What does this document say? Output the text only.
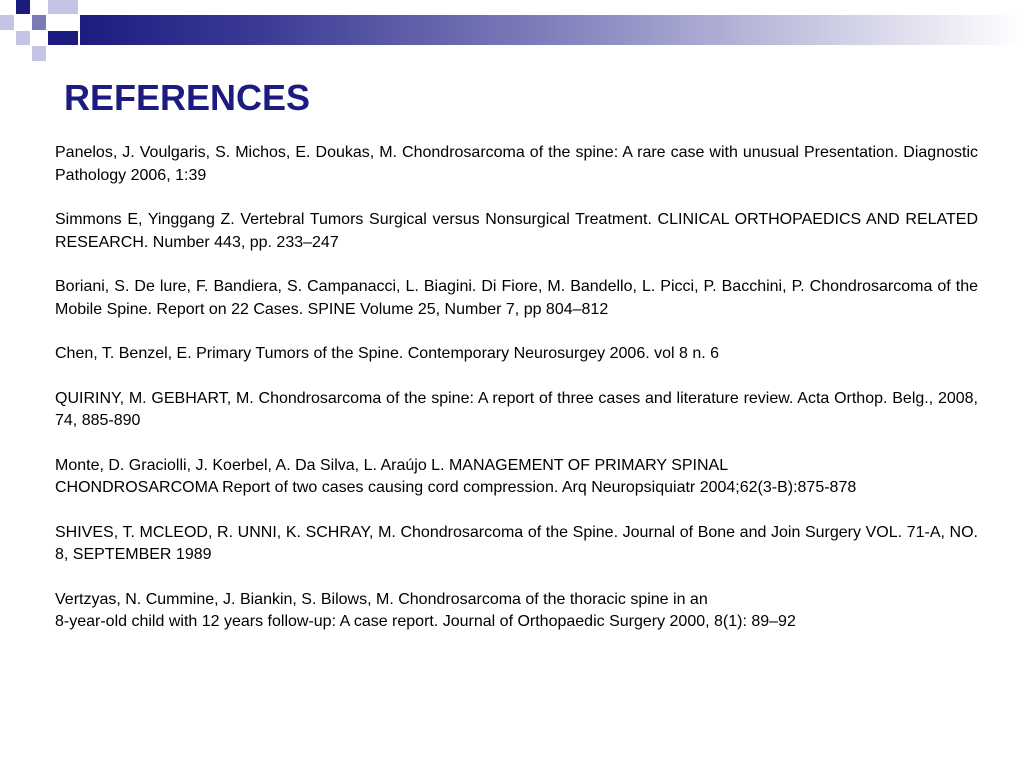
REFERENCES
Panelos, J. Voulgaris, S. Michos, E. Doukas, M. Chondrosarcoma of the spine: A rare case with unusual Presentation. Diagnostic Pathology 2006, 1:39
Simmons E, Yinggang Z. Vertebral Tumors Surgical versus Nonsurgical Treatment. CLINICAL ORTHOPAEDICS AND RELATED RESEARCH. Number 443, pp. 233–247
Boriani, S. De lure, F. Bandiera, S. Campanacci, L. Biagini. Di Fiore, M. Bandello, L. Picci, P. Bacchini, P. Chondrosarcoma of the Mobile Spine. Report on 22 Cases. SPINE Volume 25, Number 7, pp 804–812
Chen, T. Benzel, E. Primary Tumors of the Spine. Contemporary Neurosurgey 2006. vol 8 n. 6
QUIRINY, M. GEBHART, M. Chondrosarcoma of the spine: A report of three cases and literature review. Acta Orthop. Belg., 2008, 74, 885-890
Monte, D. Graciolli, J. Koerbel, A. Da Silva, L. Araújo L. MANAGEMENT OF PRIMARY SPINAL
CHONDROSARCOMA Report of two cases causing cord compression. Arq Neuropsiquiatr 2004;62(3-B):875-878
SHIVES, T. MCLEOD, R. UNNI, K. SCHRAY, M. Chondrosarcoma of the Spine. Journal of Bone and Join Surgery VOL. 71-A, NO. 8, SEPTEMBER 1989
Vertzyas, N. Cummine, J. Biankin, S. Bilows, M. Chondrosarcoma of the thoracic spine in an
8-year-old child with 12 years follow-up: A case report. Journal of Orthopaedic Surgery 2000, 8(1): 89–92
